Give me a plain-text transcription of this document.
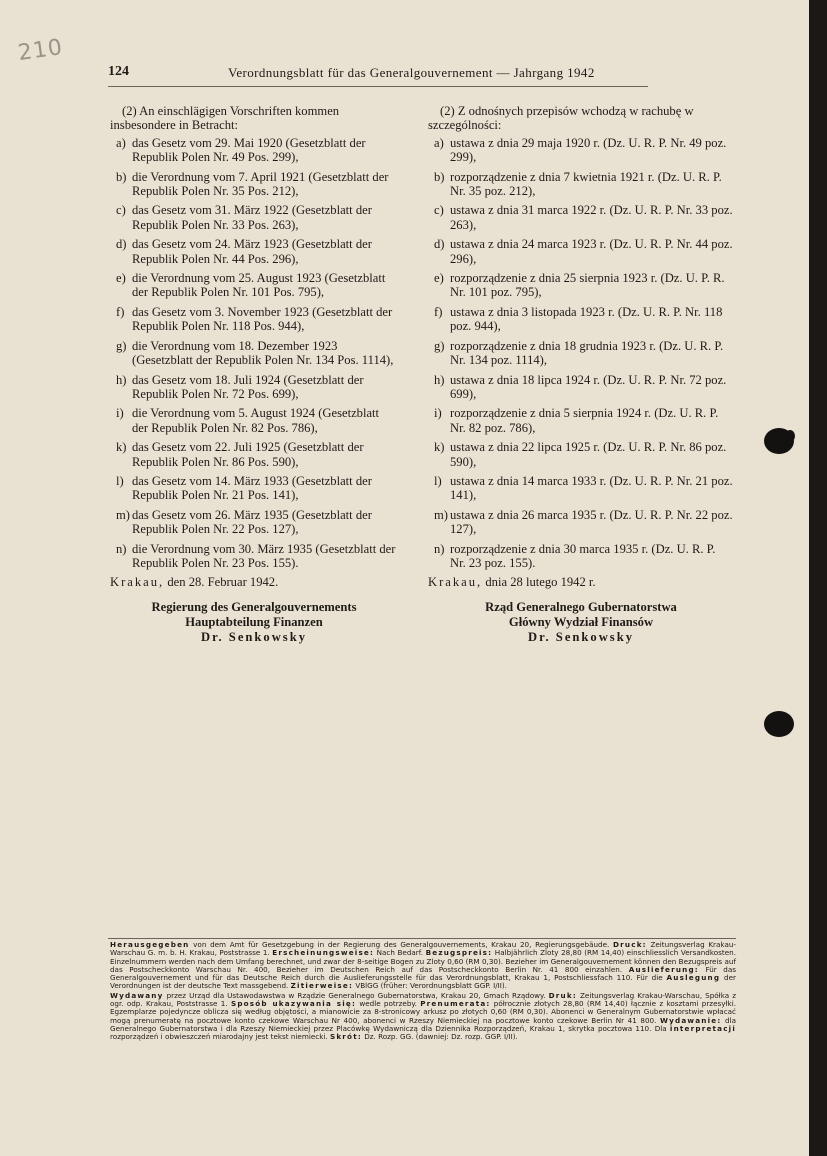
210
124	Verordnungsblatt für das Generalgouvernement — Jahrgang 1942

(2) An einschlägigen Vorschriften kommen insbesondere in Betracht:

a) das Gesetz vom 29. Mai 1920 (Gesetzblatt der Republik Polen Nr. 49 Pos. 299),
b) die Verordnung vom 7. April 1921 (Gesetzblatt der Republik Polen Nr. 35 Pos. 212),
c) das Gesetz vom 31. März 1922 (Gesetzblatt der Republik Polen Nr. 33 Pos. 263),
d) das Gesetz vom 24. März 1923 (Gesetzblatt der Republik Polen Nr. 44 Pos. 296),
e) die Verordnung vom 25. August 1923 (Gesetzblatt der Republik Polen Nr. 101 Pos. 795),
f) das Gesetz vom 3. November 1923 (Gesetzblatt der Republik Polen Nr. 118 Pos. 944),
g) die Verordnung vom 18. Dezember 1923 (Gesetzblatt der Republik Polen Nr. 134 Pos. 1114),
h) das Gesetz vom 18. Juli 1924 (Gesetzblatt der Republik Polen Nr. 72 Pos. 699),
i) die Verordnung vom 5. August 1924 (Gesetzblatt der Republik Polen Nr. 82 Pos. 786),
k) das Gesetz vom 22. Juli 1925 (Gesetzblatt der Republik Polen Nr. 86 Pos. 590),
l) das Gesetz vom 14. März 1933 (Gesetzblatt der Republik Polen Nr. 21 Pos. 141),
m) das Gesetz vom 26. März 1935 (Gesetzblatt der Republik Polen Nr. 22 Pos. 127),
n) die Verordnung vom 30. März 1935 (Gesetzblatt der Republik Polen Nr. 23 Pos. 155).
Krakau, den 28. Februar 1942.
Regierung des Generalgouvernements
Hauptabteilung Finanzen
Dr. Senkowsky

(2) Z odnośnych przepisów wchodzą w rachubę w szczególności:

a) ustawa z dnia 29 maja 1920 r. (Dz. U. R. P. Nr. 49 poz. 299),
b) rozporządzenie z dnia 7 kwietnia 1921 r. (Dz. U. R. P. Nr. 35 poz. 212),
c) ustawa z dnia 31 marca 1922 r. (Dz. U. R. P. Nr. 33 poz. 263),
d) ustawa z dnia 24 marca 1923 r. (Dz. U. R. P. Nr. 44 poz. 296),
e) rozporządzenie z dnia 25 sierpnia 1923 r. (Dz. U. P. R. Nr. 101 poz. 795),
f) ustawa z dnia 3 listopada 1923 r. (Dz. U. R. P. Nr. 118 poz. 944),
g) rozporządzenie z dnia 18 grudnia 1923 r. (Dz. U. R. P. Nr. 134 poz. 1114),
h) ustawa z dnia 18 lipca 1924 r. (Dz. U. R. P. Nr. 72 poz. 699),
i) rozporządzenie z dnia 5 sierpnia 1924 r. (Dz. U. R. P. Nr. 82 poz. 786),
k) ustawa z dnia 22 lipca 1925 r. (Dz. U. R. P. Nr. 86 poz. 590),
l) ustawa z dnia 14 marca 1933 r. (Dz. U. R. P. Nr. 21 poz. 141),
m) ustawa z dnia 26 marca 1935 r. (Dz. U. R. P. Nr. 22 poz. 127),
n) rozporządzenie z dnia 30 marca 1935 r. (Dz. U. R. P. Nr. 23 poz. 155).
Krakau, dnia 28 lutego 1942 r.
Rząd Generalnego Gubernatorstwa
Główny Wydział Finansów
Dr. Senkowsky

Herausgegeben von dem Amt für Gesetzgebung in der Regierung des Generalgouvernements, Krakau 20, Regierungsgebäude. Druck: Zeitungsverlag Krakau-Warschau G. m. b. H. Krakau, Poststrasse 1. Erscheinungsweise: Nach Bedarf. Bezugspreis: Halbjährlich Zloty 28,80 (RM 14,40) einschliesslich Versandkosten. Einzelnummern werden nach dem Umfang berechnet, und zwar der 8-seitige Bogen zu Zloty 0,60 (RM 0,30). Bezieher im Generalgouvernement können den Bezugspreis auf das Postscheckkonto Warschau Nr. 400, Bezieher im Deutschen Reich auf das Postscheckkonto Berlin Nr. 41 800 einzahlen. Auslieferung: Für das Generalgouvernement und für das Deutsche Reich durch die Auslieferungsstelle für das Verordnungsblatt, Krakau 1, Postschliessfach 110. Für die Auslegung der Verordnungen ist der deutsche Text massgebend. Zitierweise: VBlGG (früher: Verordnungsblatt GGP. I/II).

Wydawany przez Urząd dla Ustawodawstwa w Rządzie Generalnego Gubernatorstwa, Krakau 20, Gmach Rządowy. Druk: Zeitungsverlag Krakau-Warschau, Spółka z ogr. odp. Krakau, Poststrasse 1. Sposób ukazywania się: wedle potrzeby. Prenumerata: półrocznie złotych 28,80 (RM 14,40) łącznie z kosztami przesyłki. Egzemplarze pojedyncze oblicza się według objętości, a mianowicie za 8-stronicowy arkusz po złotych 0,60 (RM 0,30). Abonenci w Generalnym Gubernatorstwie wpłacać mogą prenumeratę na pocztowe konto czekowe Warschau Nr 400, abonenci w Rzeszy Niemieckiej na pocztowe konto czekowe Berlin Nr 41 800. Wydawanie: dla Generalnego Gubernatorstwa i dla Rzeszy Niemieckiej przez Placówkę Wydawniczą dla Dziennika Rozporządzeń, Krakau 1, skrytka pocztowa 110. Dla interpretacji rozporządzeń i obwieszczeń miarodajny jest tekst niemiecki. Skrót: Dz. Rozp. GG. (dawniej: Dz. rozp. GGP. I/II).
